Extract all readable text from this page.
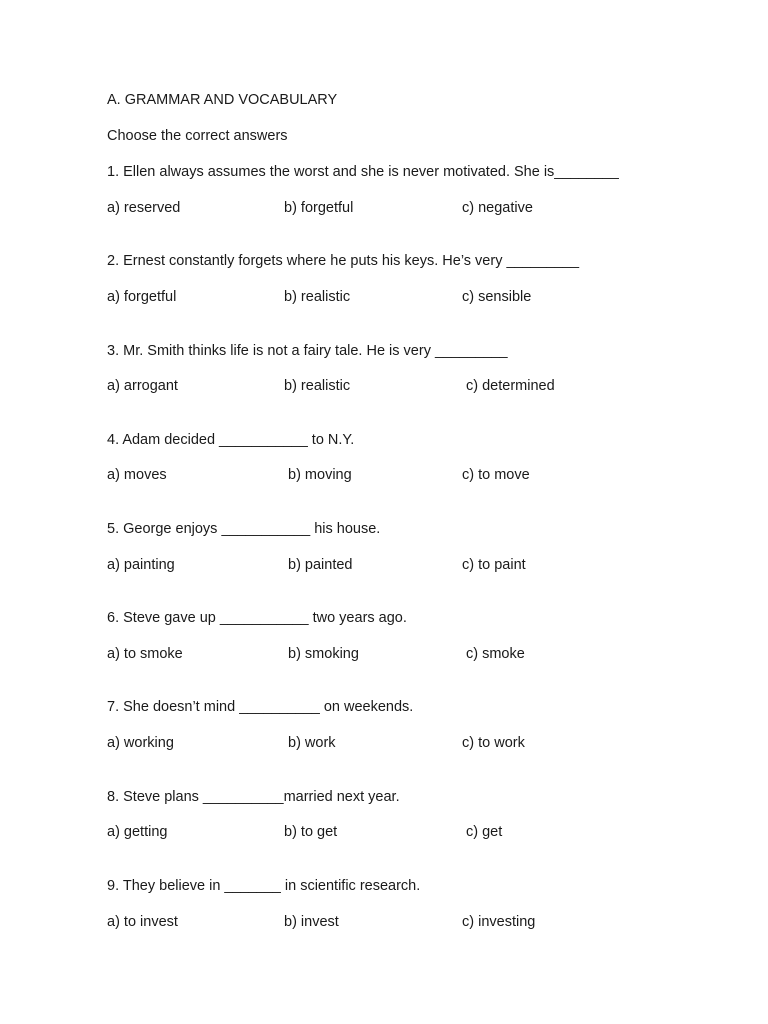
A. GRAMMAR AND VOCABULARY
Choose the correct answers
1. Ellen always assumes the worst and she is never motivated. She is________
a) reserved	b) forgetful	c) negative
2. Ernest constantly forgets where he puts his keys. He’s very _________
a) forgetful	b) realistic	c) sensible
3. Mr. Smith thinks life is not a fairy tale. He is very _________
a) arrogant	b) realistic	c) determined
4. Adam decided ___________ to N.Y.
a) moves	b) moving	c) to move
5. George enjoys ___________ his house.
a) painting	b) painted	c) to paint
6. Steve gave up ___________ two years ago.
a) to smoke	b) smoking	c) smoke
7. She doesn’t mind __________ on weekends.
a) working	b) work	c) to work
8. Steve plans __________married next year.
a) getting	b) to get	c) get
9. They believe in _______ in scientific research.
a) to invest	b) invest	c) investing
